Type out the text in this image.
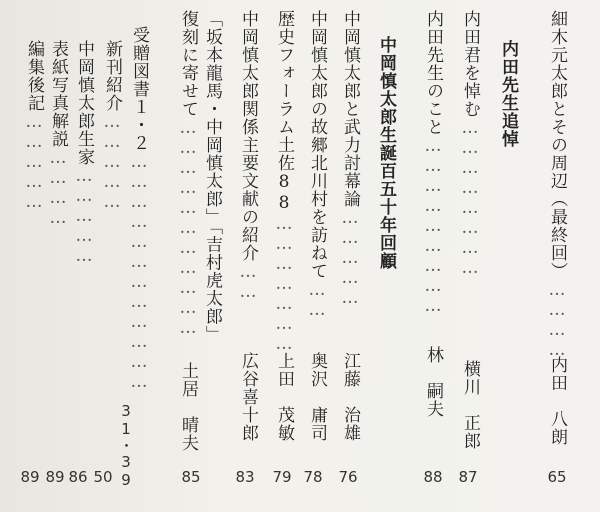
細木元太郎とその周辺（最終回）…………
内田　八朗
65
内田先生追悼
内田君を悼む……………………
横川　正郎
87
内田先生のこと………………………
林　嗣夫
88
中岡慎太郎生誕百五十年回顧
中岡慎太郎と武力討幕論……………
江藤　治雄
76
中岡慎太郎の故郷北川村を訪ねて……
奥沢　庸司
78
歴史フォーラム土佐88…………………
上田　茂敏
79
中岡慎太郎関係主要文献の紹介……
広谷喜十郎
83
「坂本龍馬・中岡慎太郎」「吉村虎太郎」
復刻に寄せて……………………………
土居　晴夫
85
受贈図書１・２………………………………
31・39
新刊紹介……………
50
中岡慎太郎生家……………
86
表紙写真解説…………
89
編集後記……………
89
